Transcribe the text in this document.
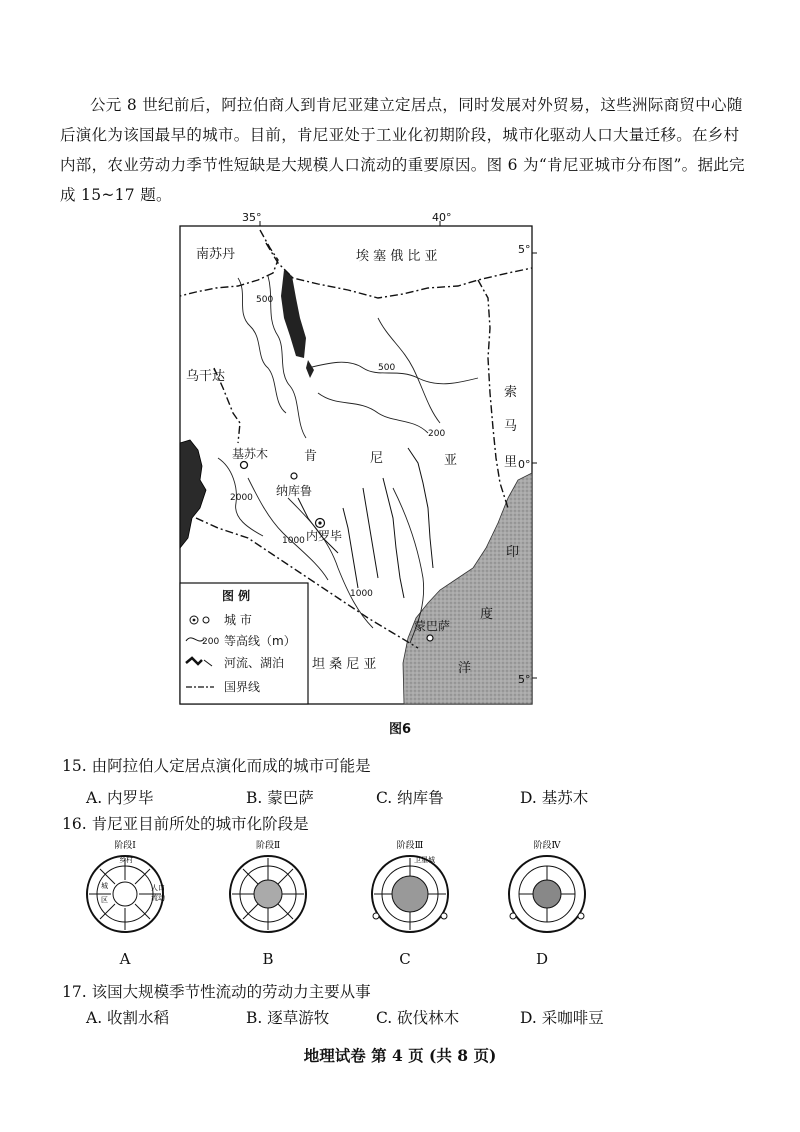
公元 8 世纪前后，阿拉伯商人到肯尼亚建立定居点，同时发展对外贸易，这些洲际商贸中心随后演化为该国最早的城市。目前，肯尼亚处于工业化初期阶段，城市化驱动人口大量迁移。在乡村内部，农业劳动力季节性短缺是大规模人口流动的重要原因。图 6 为“肯尼亚城市分布图”。据此完成 15~17 题。
南苏丹	埃 塞 俄 比 亚
乌干达
索
马
里
肯	尼	亚
坦 桑 尼 亚
印
度
洋
基苏木
纳库鲁
内罗毕
蒙巴萨
35°	40°
5°
0°
5°
500
500
200
2000
1000
1000
图 例
城 市
200 等高线（m）
河流、湖泊
国界线
图6
15. 由阿拉伯人定居点演化而成的城市可能是
A. 内罗毕	B. 蒙巴萨	C. 纳库鲁	D. 基苏木
16. 肯尼亚目前所处的城市化阶段是
阶段Ⅰ
乡村
城
区
人口
流动
A
阶段Ⅱ
B
阶段Ⅲ
卫星城
C
阶段Ⅳ
D
17. 该国大规模季节性流动的劳动力主要从事
A. 收割水稻	B. 逐草游牧	C. 砍伐林木	D. 采咖啡豆
地理试卷 第 4 页 (共 8 页)
